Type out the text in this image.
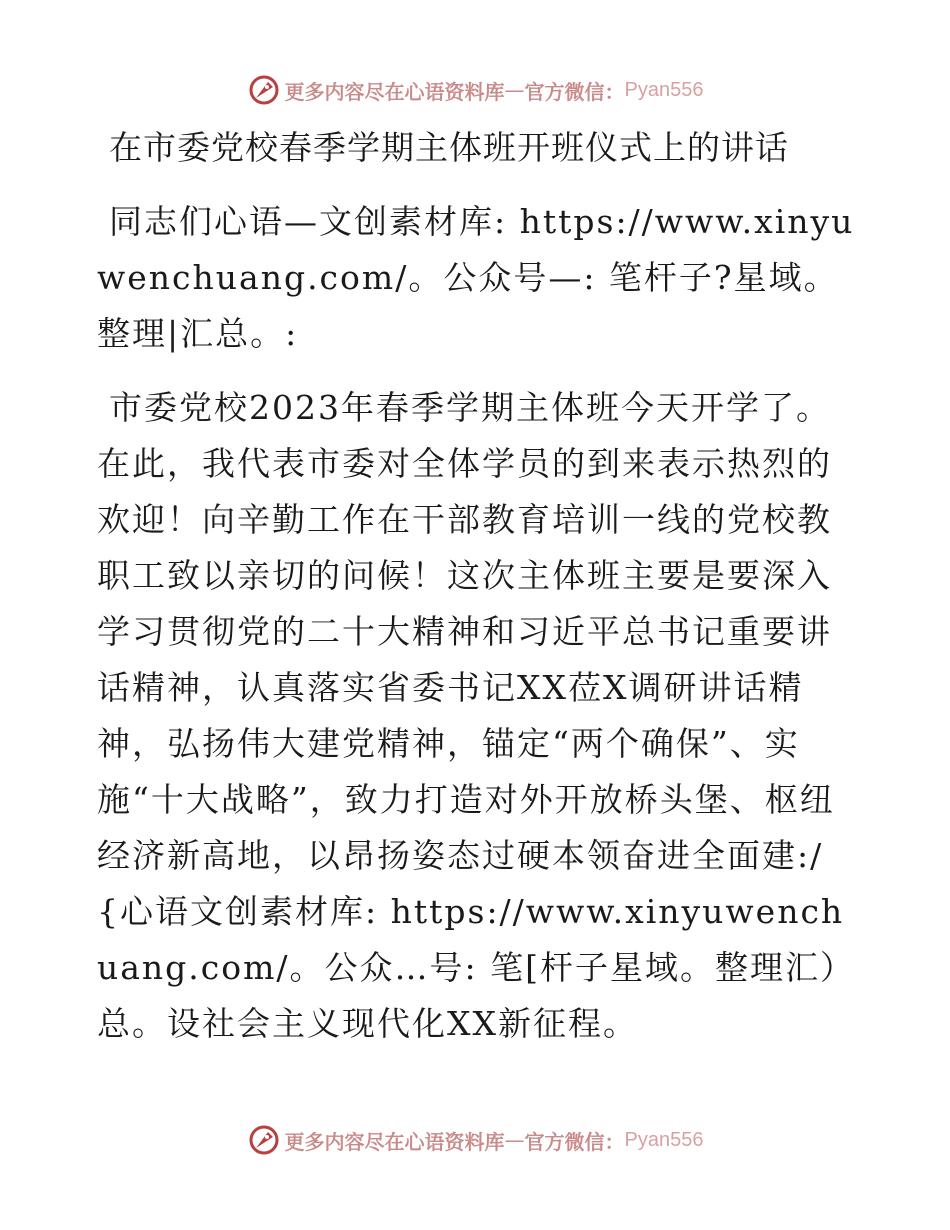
更多内容尽在心语资料库 — 官方微信： Pyan556
在市委党校春季学期主体班开班仪式上的讲话

同志们心语—文创素材库: https://www.xinyuwenchuang.com/。公众号—: 笔杆子?星域。整理|汇总。:

市委党校2023年春季学期主体班今天开学了。在此，我代表市委对全体学员的到来表示热烈的欢迎！向辛勤工作在干部教育培训一线的党校教职工致以亲切的问候！这次主体班主要是要深入学习贯彻党的二十大精神和习近平总书记重要讲话精神，认真落实省委书记XX莅X调研讲话精神，弘扬伟大建党精神，锚定“两个确保”、实施“十大战略”，致力打造对外开放桥头堡、枢纽经济新高地，以昂扬姿态过硬本领奋进全面建:/{心语文创素材库: https://www.xinyuwenchuang.com/。公众…号: 笔[杆子星域。整理汇）总。设社会主义现代化XX新征程。

更多内容尽在心语资料库 — 官方微信： Pyan556
